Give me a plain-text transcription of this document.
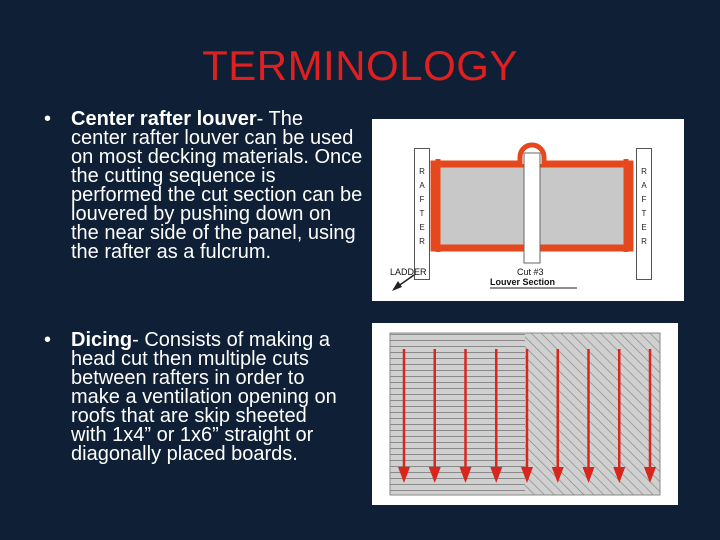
TERMINOLOGY
• Center rafter louver- The center rafter louver can be used on most decking materials. Once the cutting sequence is performed the cut section can be louvered by pushing down on the near side of the panel, using the rafter as a fulcrum.
• Dicing- Consists of making a head cut then multiple cuts between rafters in order to make a ventilation opening on roofs that are skip sheeted with 1x4” or 1x6” straight or diagonally placed boards.
R
A
F
T
E
R
R
A
F
T
E
R
LADDER	Cut #3
Louver Section
